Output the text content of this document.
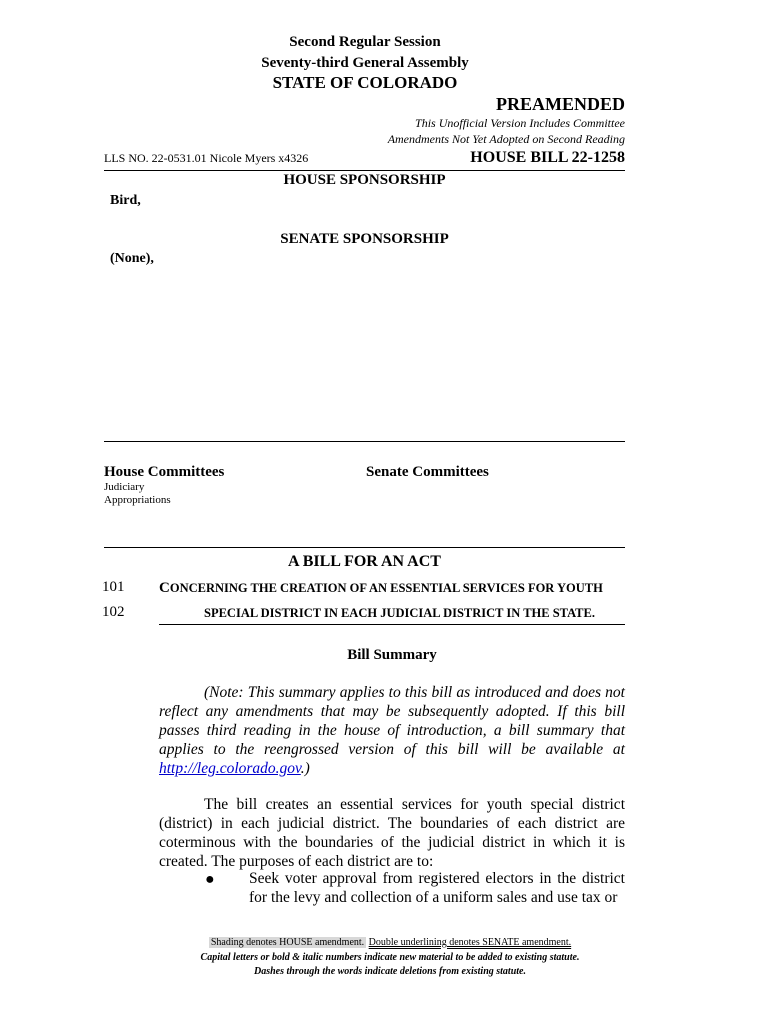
Second Regular Session
Seventy-third General Assembly
STATE OF COLORADO
PREAMENDED
This Unofficial Version Includes Committee
Amendments Not Yet Adopted on Second Reading
LLS NO. 22-0531.01 Nicole Myers x4326	HOUSE BILL 22-1258
HOUSE SPONSORSHIP
Bird,
SENATE SPONSORSHIP
(None),
House Committees	Senate Committees
Judiciary
Appropriations
A BILL FOR AN ACT
101 CONCERNING THE CREATION OF AN ESSENTIAL SERVICES FOR YOUTH
102	SPECIAL DISTRICT IN EACH JUDICIAL DISTRICT IN THE STATE.
Bill Summary
(Note: This summary applies to this bill as introduced and does not reflect any amendments that may be subsequently adopted. If this bill passes third reading in the house of introduction, a bill summary that applies to the reengrossed version of this bill will be available at http://leg.colorado.gov.)
The bill creates an essential services for youth special district (district) in each judicial district. The boundaries of each district are coterminous with the boundaries of the judicial district in which it is created. The purposes of each district are to:
● Seek voter approval from registered electors in the district for the levy and collection of a uniform sales and use tax or
Shading denotes HOUSE amendment. Double underlining denotes SENATE amendment.
Capital letters or bold & italic numbers indicate new material to be added to existing statute.
Dashes through the words indicate deletions from existing statute.
